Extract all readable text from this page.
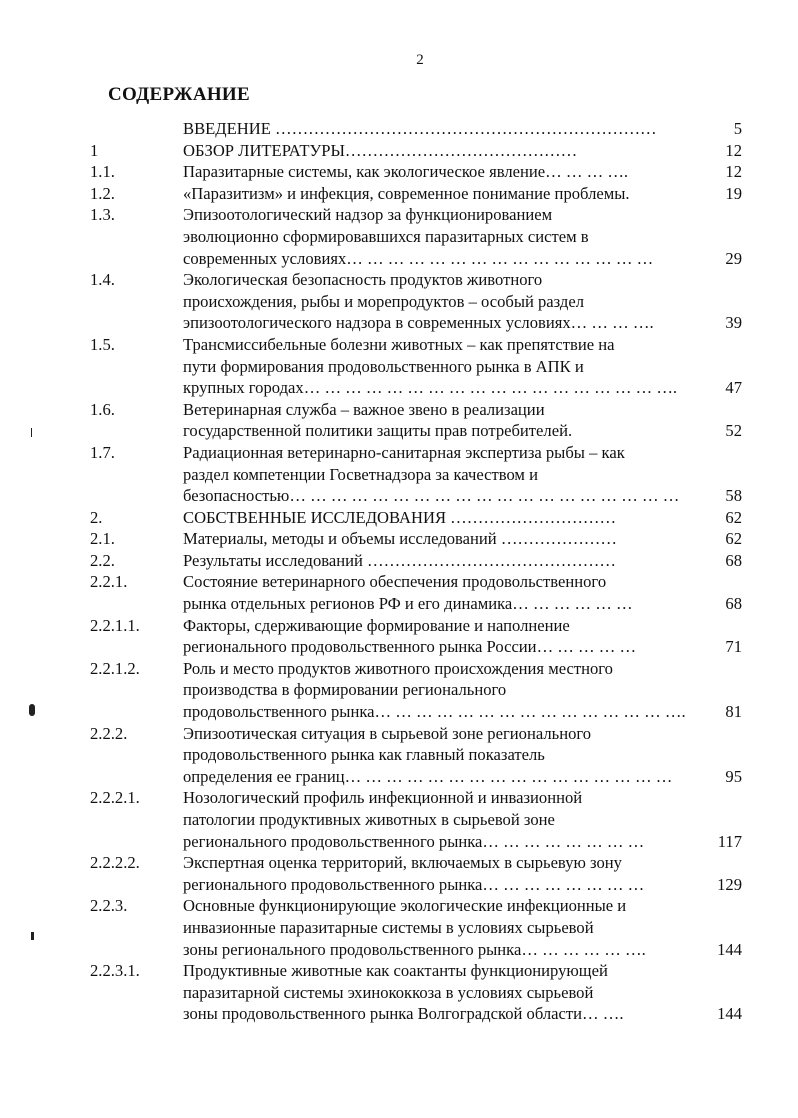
2
СОДЕРЖАНИЕ
ВВЕДЕНИЕ ……………………………………………………………	5
1	ОБЗОР ЛИТЕРАТУРЫ……………………………………	12
1.1.	Паразитарные системы, как экологическое явление… … … ….	12
1.2.	«Паразитизм» и инфекция, современное понимание проблемы.	19
1.3.	Эпизоотологический надзор за функционированием
эволюционно сформировавшихся паразитарных систем в
современных условиях… … … … … … … … … … … … … … …	29
1.4.	Экологическая безопасность продуктов животного
происхождения, рыбы и морепродуктов – особый раздел
эпизоотологического надзора в современных условиях… … … ….	39
1.5.	Трансмиссибельные болезни животных – как препятствие на
пути формирования продовольственного рынка в АПК и
крупных городах… … … … … … … … … … … … … … … … … ….	47
1.6.	Ветеринарная служба – важное звено в реализации
государственной политики защиты прав потребителей.	52
1.7.	Радиационная ветеринарно-санитарная экспертиза рыбы – как
раздел компетенции Госветнадзора за качеством и
безопасностью… … … … … … … … … … … … … … … … … … …	58
2.	СОБСТВЕННЫЕ ИССЛЕДОВАНИЯ …………………………	62
2.1.	Материалы, методы и объемы исследований …………………	62
2.2.	Результаты исследований ………………………………………	68
2.2.1.	Состояние ветеринарного обеспечения продовольственного
рынка отдельных регионов РФ и его динамика… … … … … …	68
2.2.1.1.	Факторы, сдерживающие формирование и наполнение
регионального продовольственного рынка России… … … … …	71
2.2.1.2.	Роль и место продуктов животного происхождения местного
производства в формировании регионального
продовольственного рынка… … … … … … … … … … … … … … ….	81
2.2.2.	Эпизоотическая ситуация в сырьевой зоне регионального
продовольственного рынка как главный показатель
определения ее границ… … … … … … … … … … … … … … … …	95
2.2.2.1.	Нозологический профиль инфекционной и инвазионной
патологии продуктивных животных в сырьевой зоне
регионального продовольственного рынка… … … … … … … …	117
2.2.2.2.	Экспертная оценка территорий, включаемых в сырьевую зону
регионального продовольственного рынка… … … … … … … …	129
2.2.3.	Основные функционирующие экологические инфекционные и
инвазионные паразитарные системы в условиях сырьевой
зоны регионального продовольственного рынка… … … … … ….	144
2.2.3.1.	Продуктивные животные как соактанты функционирующей
паразитарной системы эхинококкоза в условиях сырьевой
зоны продовольственного рынка Волгоградской области… ….	144
